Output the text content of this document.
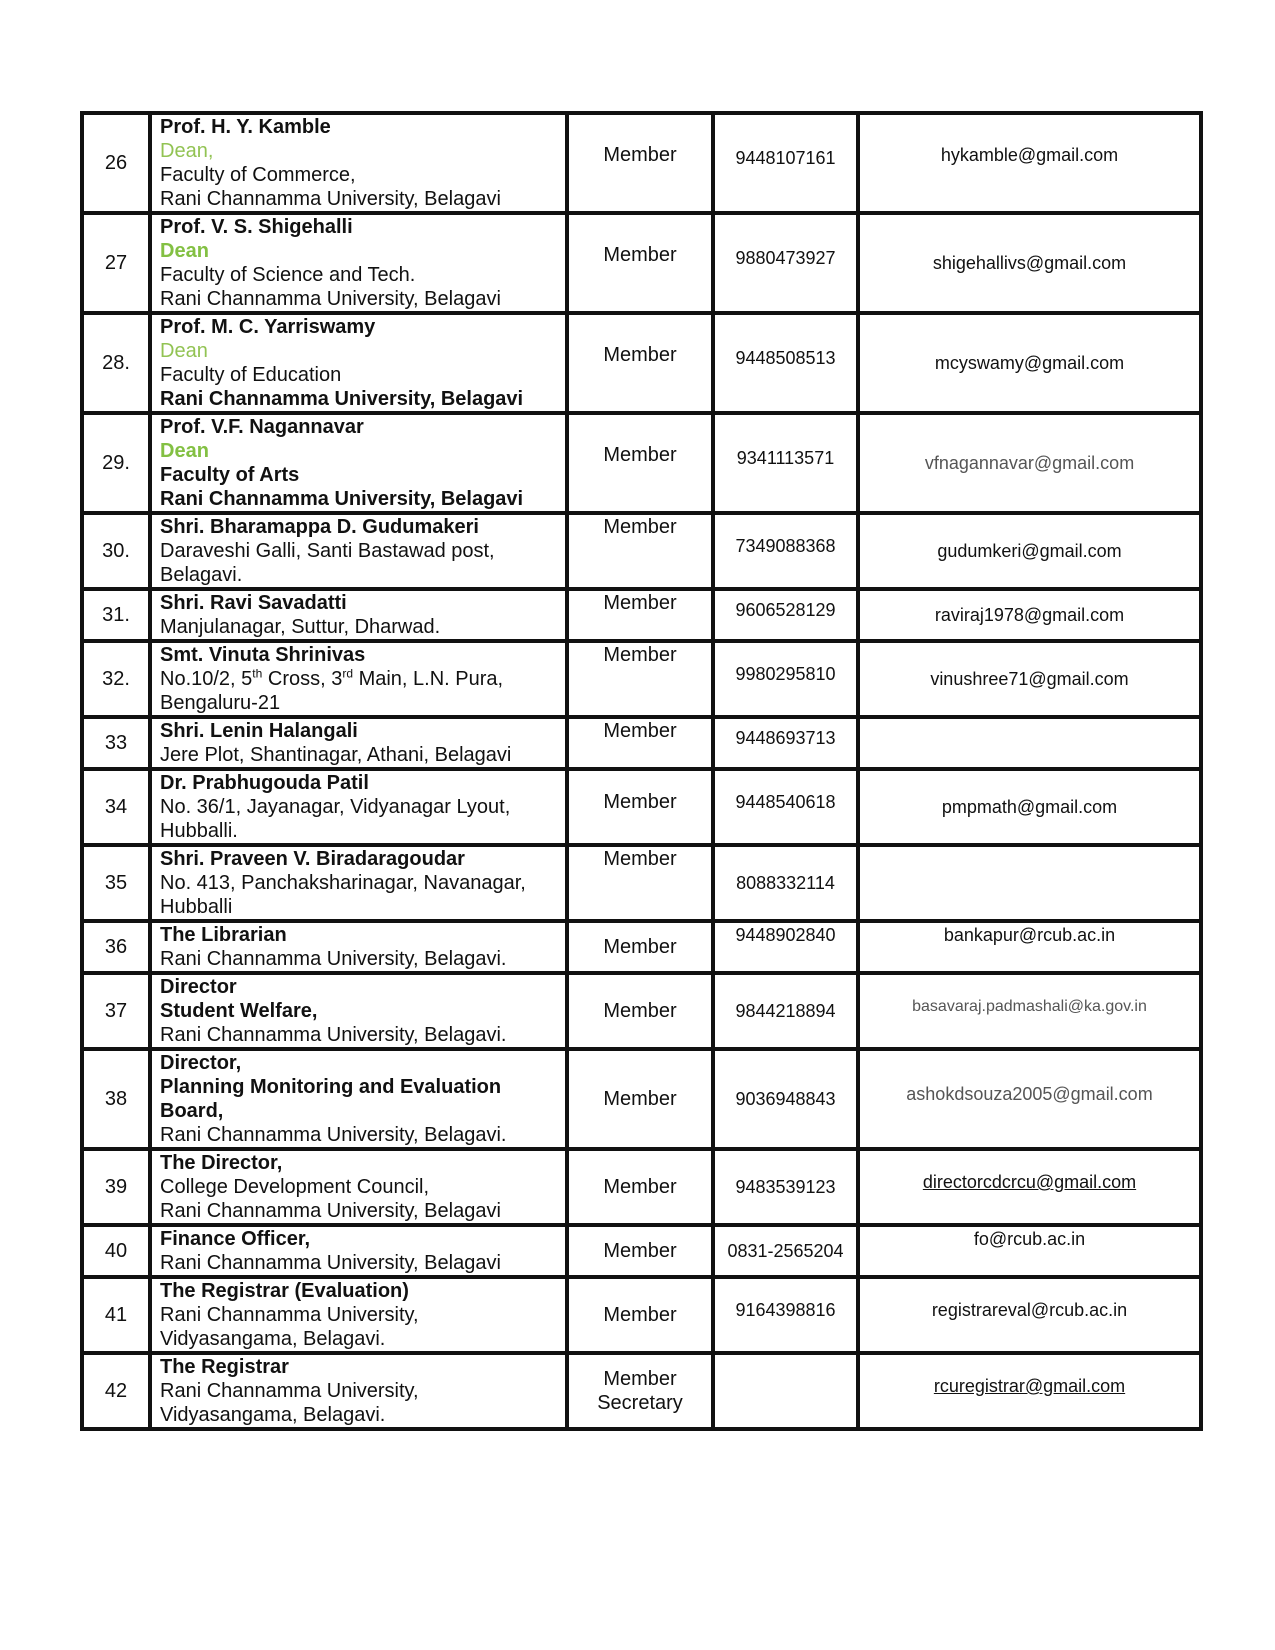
26	Prof. H. Y. Kamble
Dean,
Faculty of Commerce,
Rani Channamma University, Belagavi	Member	9448107161	hykamble@gmail.com
27	Prof. V. S. Shigehalli
Dean
Faculty of Science and Tech.
Rani Channamma University, Belagavi	Member	9880473927	shigehallivs@gmail.com
28.	Prof. M. C. Yarriswamy
Dean
Faculty of Education
Rani Channamma University, Belagavi	Member	9448508513	mcyswamy@gmail.com
29.	Prof. V.F. Nagannavar
Dean
Faculty of Arts
Rani Channamma University, Belagavi	Member	9341113571	vfnagannavar@gmail.com
30.	Shri. Bharamappa D. Gudumakeri
Daraveshi Galli, Santi Bastawad post,
Belagavi.	Member	7349088368	gudumkeri@gmail.com
31.	Shri. Ravi Savadatti
Manjulanagar, Suttur, Dharwad.	Member	9606528129	raviraj1978@gmail.com
32.	Smt. Vinuta Shrinivas
No.10/2, 5th Cross, 3rd Main, L.N. Pura,
Bengaluru-21	Member	9980295810	vinushree71@gmail.com
33	Shri. Lenin Halangali
Jere Plot, Shantinagar, Athani, Belagavi	Member	9448693713	
34	Dr. Prabhugouda Patil
No. 36/1, Jayanagar, Vidyanagar Lyout,
Hubballi.	Member	9448540618	pmpmath@gmail.com
35	Shri. Praveen V. Biradaragoudar
No. 413, Panchaksharinagar, Navanagar,
Hubballi	Member	8088332114	
36	The Librarian
Rani Channamma University, Belagavi.	Member	9448902840	bankapur@rcub.ac.in
37	Director
Student Welfare,
Rani Channamma University, Belagavi.	Member	9844218894	basavaraj.padmashali@ka.gov.in
38	Director,
Planning Monitoring and Evaluation
Board,
Rani Channamma University, Belagavi.	Member	9036948843	ashokdsouza2005@gmail.com
39	The Director,
College Development Council,
Rani Channamma University, Belagavi	Member	9483539123	directorcdcrcu@gmail.com
40	Finance Officer,
Rani Channamma University, Belagavi	Member	0831-2565204	fo@rcub.ac.in
41	The Registrar (Evaluation)
Rani Channamma University,
Vidyasangama, Belagavi.	Member	9164398816	registrareval@rcub.ac.in
42	The Registrar
Rani Channamma University,
Vidyasangama, Belagavi.	Member
Secretary		rcuregistrar@gmail.com
